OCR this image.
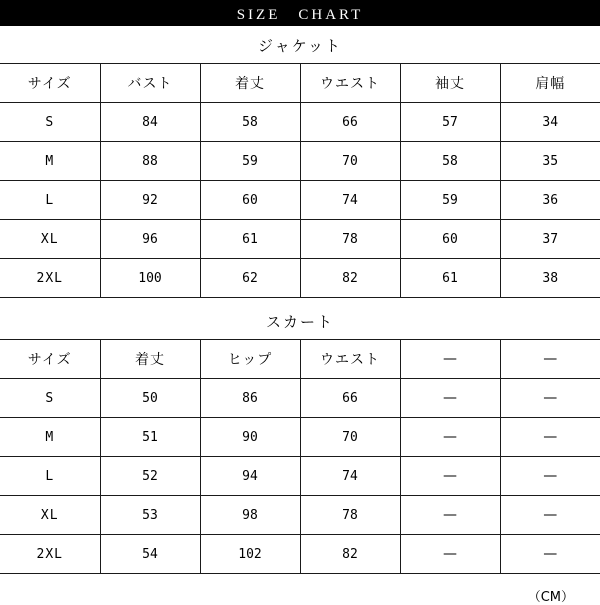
SIZE　CHART
ジャケット
サイズ	バスト	着丈	ウエスト	袖丈	肩幅
S	84	58	66	57	34
M	88	59	70	58	35
L	92	60	74	59	36
XL	96	61	78	60	37
2XL	100	62	82	61	38
スカート
サイズ	着丈	ヒップ	ウエスト	—	—
S	50	86	66	—	—
M	51	90	70	—	—
L	52	94	74	—	—
XL	53	98	78	—	—
2XL	54	102	82	—	—
（CM）
